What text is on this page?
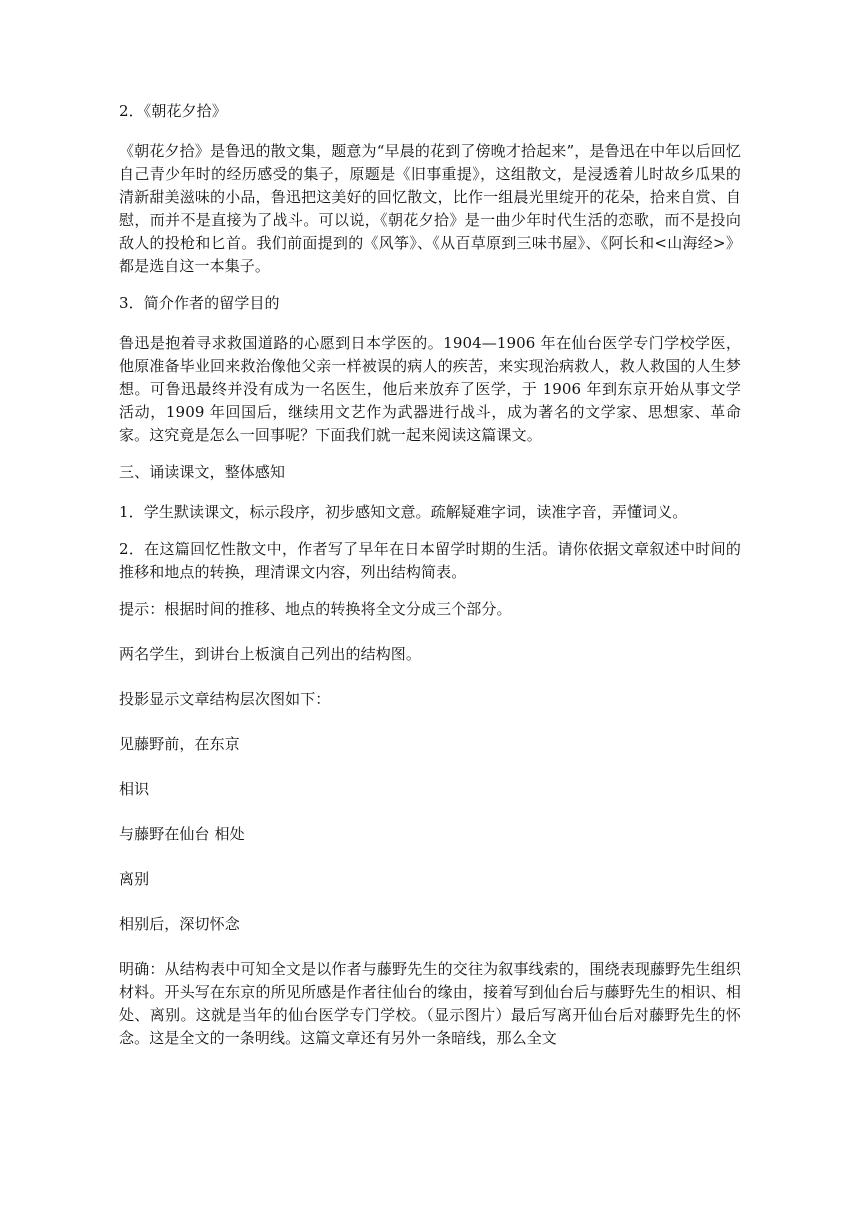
2．《朝花夕拾》

《朝花夕拾》是鲁迅的散文集，题意为“早晨的花到了傍晚才拾起来”，是鲁迅在中年以后回忆自己青少年时的经历感受的集子，原题是《旧事重提》，这组散文，是浸透着儿时故乡瓜果的清新甜美滋味的小品，鲁迅把这美好的回忆散文，比作一组晨光里绽开的花朵，拾来自赏、自慰，而并不是直接为了战斗。可以说，《朝花夕拾》是一曲少年时代生活的恋歌，而不是投向敌人的投枪和匕首。我们前面提到的《风筝》、《从百草原到三味书屋》、《阿长和<山海经>》都是选自这一本集子。

3．简介作者的留学目的

鲁迅是抱着寻求救国道路的心愿到日本学医的。1904—1906 年在仙台医学专门学校学医，他原准备毕业回来救治像他父亲一样被误的病人的疾苦，来实现治病救人，救人救国的人生梦想。可鲁迅最终并没有成为一名医生，他后来放弃了医学，于 1906 年到东京开始从事文学活动，1909 年回国后，继续用文艺作为武器进行战斗，成为著名的文学家、思想家、革命家。这究竟是怎么一回事呢？下面我们就一起来阅读这篇课文。

三、诵读课文，整体感知

1．学生默读课文，标示段序，初步感知文意。疏解疑难字词，读准字音，弄懂词义。

2．在这篇回忆性散文中，作者写了早年在日本留学时期的生活。请你依据文章叙述中时间的推移和地点的转换，理清课文内容，列出结构简表。

提示：根据时间的推移、地点的转换将全文分成三个部分。

两名学生，到讲台上板演自己列出的结构图。

投影显示文章结构层次图如下：

见藤野前，在东京

相识

与藤野在仙台 相处

离别

相别后，深切怀念

明确：从结构表中可知全文是以作者与藤野先生的交往为叙事线索的，围绕表现藤野先生组织材料。开头写在东京的所见所感是作者往仙台的缘由，接着写到仙台后与藤野先生的相识、相处、离别。这就是当年的仙台医学专门学校。（显示图片）最后写离开仙台后对藤野先生的怀念。这是全文的一条明线。这篇文章还有另外一条暗线，那么全文
